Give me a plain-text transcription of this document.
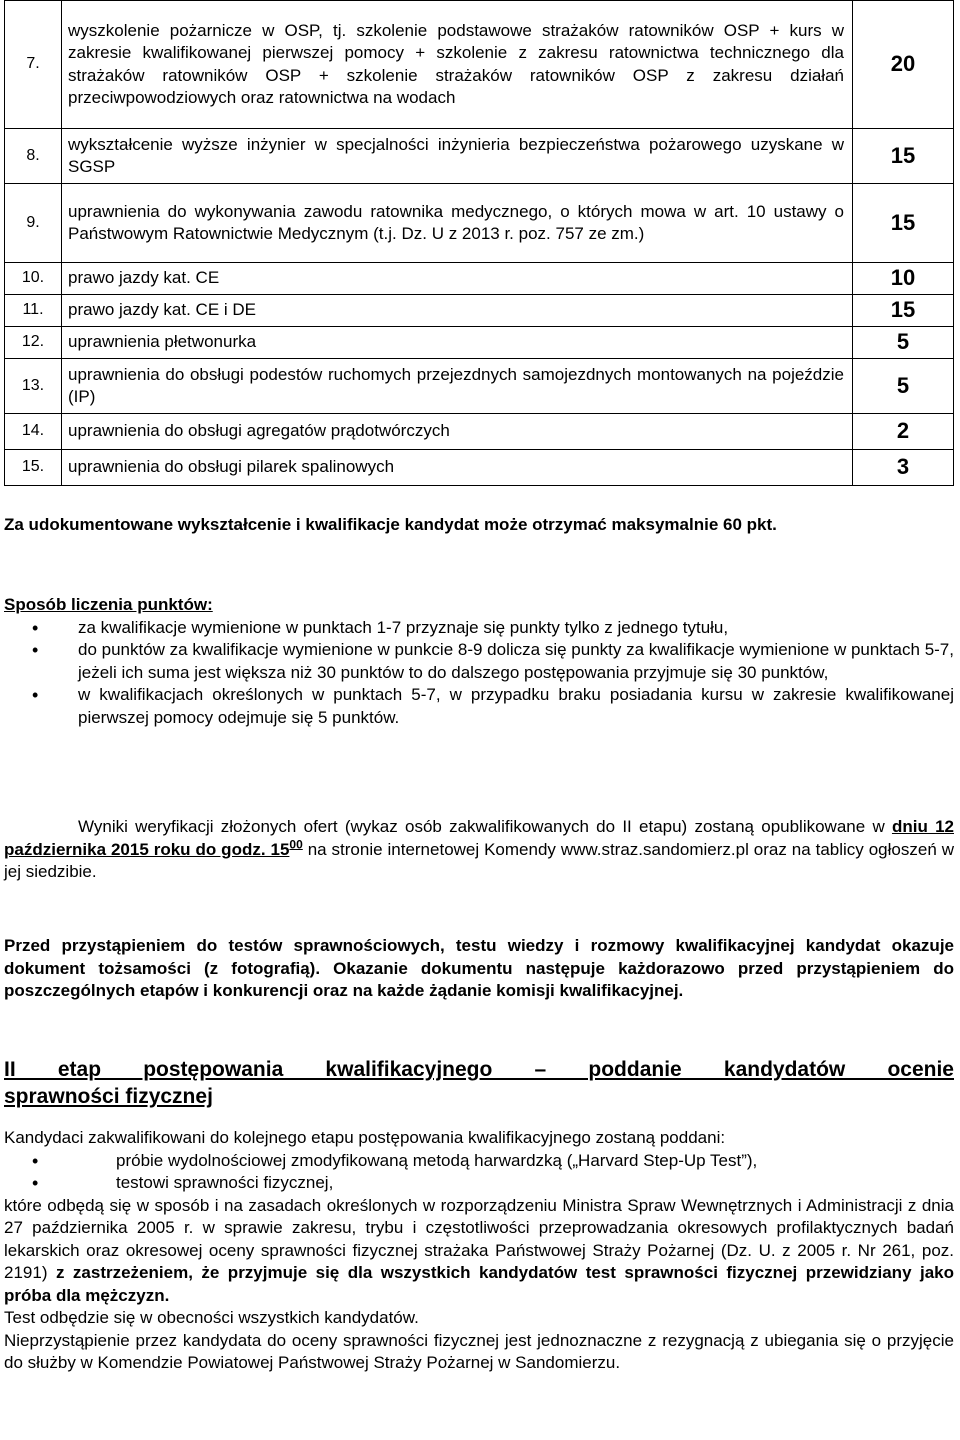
7.	wyszkolenie pożarnicze w OSP, tj. szkolenie podstawowe strażaków ratowników OSP + kurs w zakresie kwalifikowanej pierwszej pomocy + szkolenie z zakresu ratownictwa technicznego dla strażaków ratowników OSP + szkolenie strażaków ratowników OSP z zakresu działań przeciwpowodziowych oraz ratownictwa na wodach	20
8.	wykształcenie wyższe inżynier w specjalności inżynieria bezpieczeństwa pożarowego uzyskane w SGSP	15
9.	uprawnienia do wykonywania zawodu ratownika medycznego, o których mowa w art. 10 ustawy o Państwowym Ratownictwie Medycznym (t.j. Dz. U z 2013 r. poz. 757 ze zm.)	15
10.	prawo jazdy kat. CE	10
11.	prawo jazdy kat. CE i DE	15
12.	uprawnienia płetwonurka	5
13.	uprawnienia do obsługi podestów ruchomych przejezdnych samojezdnych montowanych na pojeździe (IP)	5
14.	uprawnienia do obsługi agregatów prądotwórczych	2
15.	uprawnienia do obsługi pilarek spalinowych	3
Za udokumentowane wykształcenie i kwalifikacje kandydat może otrzymać maksymalnie 60 pkt.
Sposób liczenia punktów:
• za kwalifikacje wymienione w punktach 1-7 przyznaje się punkty tylko z jednego tytułu,
• do punktów za kwalifikacje wymienione w punkcie 8-9 dolicza się punkty za kwalifikacje wymienione w punktach 5-7, jeżeli ich suma jest większa niż 30 punktów to do dalszego postępowania przyjmuje się 30 punktów,
• w kwalifikacjach określonych w punktach 5-7, w przypadku braku posiadania kursu w zakresie kwalifikowanej pierwszej pomocy odejmuje się 5 punktów.
Wyniki weryfikacji złożonych ofert (wykaz osób zakwalifikowanych do II etapu) zostaną opublikowane w dniu 12 października 2015 roku do godz. $15^{00}$ na stronie internetowej Komendy www.straz.sandomierz.pl oraz na tablicy ogłoszeń w jej siedzibie.
Przed przystąpieniem do testów sprawnościowych, testu wiedzy i rozmowy kwalifikacyjnej kandydat okazuje dokument tożsamości (z fotografią). Okazanie dokumentu następuje każdorazowo przed przystąpieniem do poszczególnych etapów i konkurencji oraz na każde żądanie komisji kwalifikacyjnej.
II etap postępowania kwalifikacyjnego – poddanie kandydatów ocenie
sprawności fizycznej
Kandydaci zakwalifikowani do kolejnego etapu postępowania kwalifikacyjnego zostaną poddani:
• próbie wydolnościowej zmodyfikowaną metodą harwardzką („Harvard Step-Up Test”),
• testowi sprawności fizycznej,
które odbędą się w sposób i na zasadach określonych w rozporządzeniu Ministra Spraw Wewnętrznych i Administracji z dnia 27 października 2005 r. w sprawie zakresu, trybu i częstotliwości przeprowadzania okresowych profilaktycznych badań lekarskich oraz okresowej oceny sprawności fizycznej strażaka Państwowej Straży Pożarnej (Dz. U. z 2005 r. Nr 261, poz. 2191) z zastrzeżeniem, że przyjmuje się dla wszystkich kandydatów test sprawności fizycznej przewidziany jako próba dla mężczyzn.
Test odbędzie się w obecności wszystkich kandydatów.
Nieprzystąpienie przez kandydata do oceny sprawności fizycznej jest jednoznaczne z rezygnacją z ubiegania się o przyjęcie do służby w Komendzie Powiatowej Państwowej Straży Pożarnej w Sandomierzu.
